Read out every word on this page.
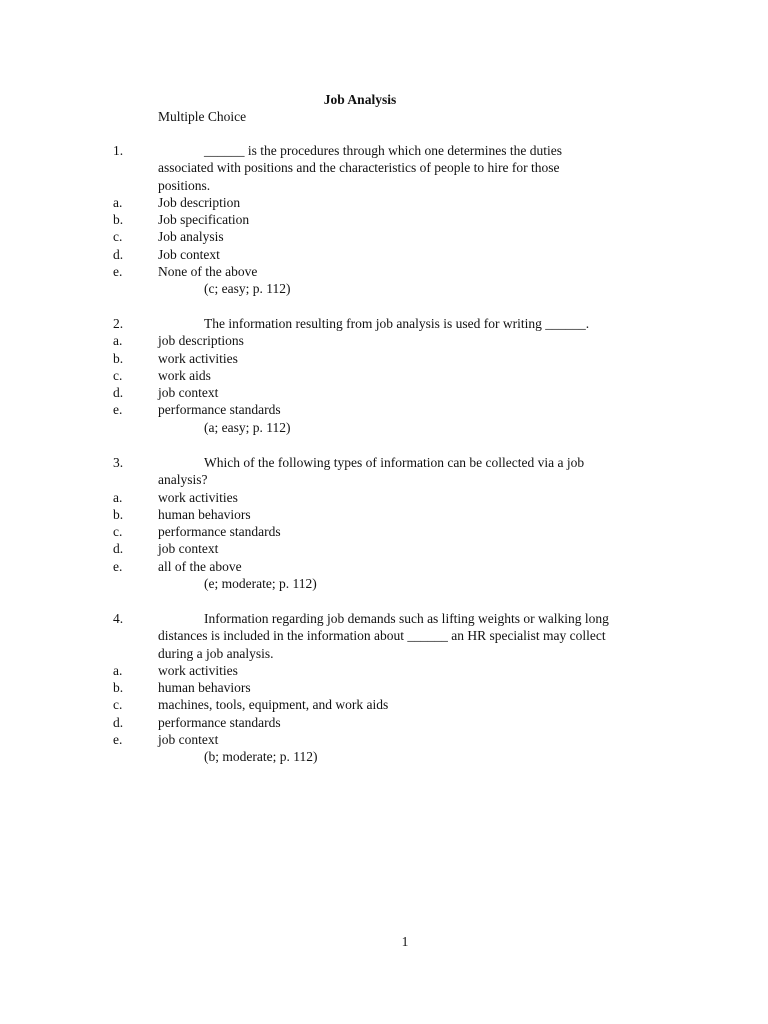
Job Analysis
Multiple Choice
1.	______ is the procedures through which one determines the duties
associated with positions and the characteristics of people to hire for those
positions.
a.	Job description
b.	Job specification
c.	Job analysis
d.	Job context
e.	None of the above
(c; easy; p. 112)
2.	The information resulting from job analysis is used for writing ______.
a.	job descriptions
b.	work activities
c.	work aids
d.	job context
e.	performance standards
(a; easy; p. 112)
3.	Which of the following types of information can be collected via a job
analysis?
a.	work activities
b.	human behaviors
c.	performance standards
d.	job context
e.	all of the above
(e; moderate; p. 112)
4.	Information regarding job demands such as lifting weights or walking long
distances is included in the information about ______ an HR specialist may collect
during a job analysis.
a.	work activities
b.	human behaviors
c.	machines, tools, equipment, and work aids
d.	performance standards
e.	job context
(b; moderate; p. 112)
1
